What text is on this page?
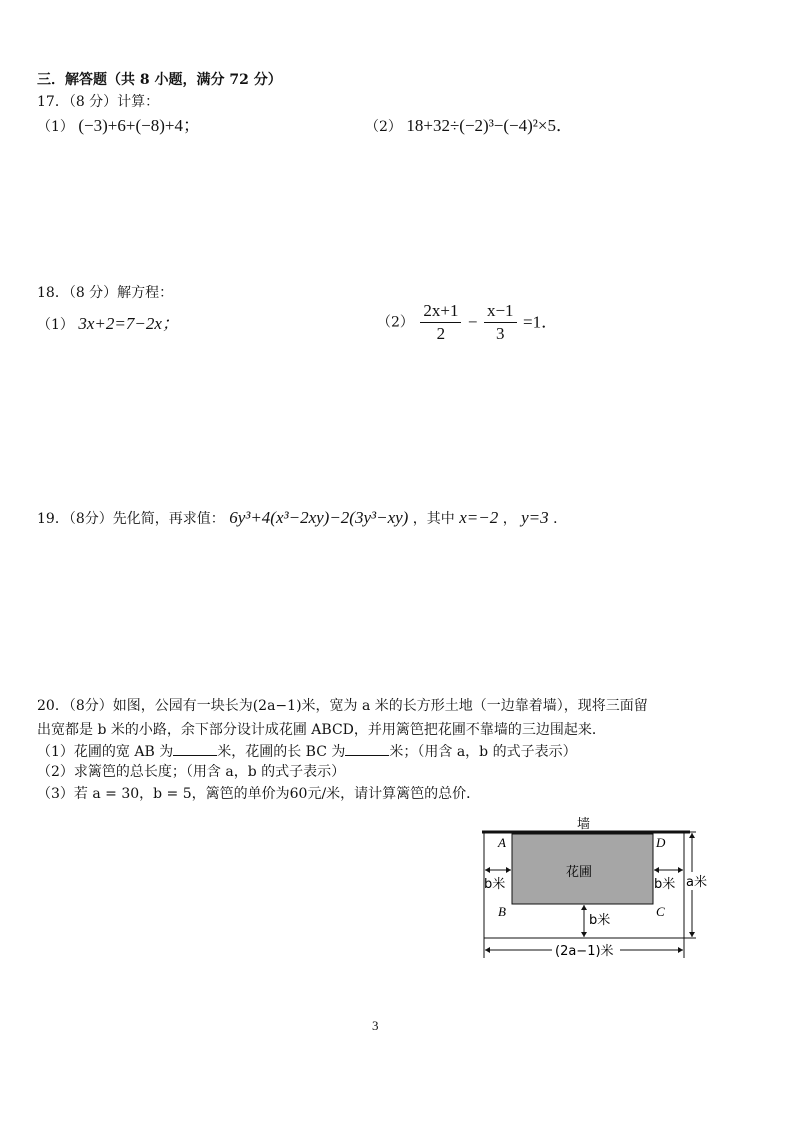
三．解答题（共 8 小题，满分 72 分）
17．（8 分）计算：
（1） (−3)+6+(−8)+4；	（2） 18+32÷(−2)³−(−4)²×5．
18．（8 分）解方程：
（1） 3x+2=7−2x；	$(2) \frac{2x+1}{2} - \frac{x-1}{3} =1$．
19．（8分）先化简，再求值： 6y³+4(x³−2xy)−2(3y³−xy) ，其中 x=−2 ， y=3 ．
20．（8分）如图，公园有一块长为(2a−1)米，宽为 a 米的长方形土地（一边靠着墙），现将三面留
出宽都是 b 米的小路，余下部分设计成花圃 ABCD，并用篱笆把花圃不靠墙的三边围起来．
（1）花圃的宽 AB 为	米，花圃的长 BC 为	米；（用含 a，b 的式子表示）
（2）求篱笆的总长度；（用含 a，b 的式子表示）
（3）若 a = 30，b = 5，篱笆的单价为60元/米，请计算篱笆的总价．
墙
花圃
A	D
B	C
b米	b米
b米
a米
(2a−1)米
3
